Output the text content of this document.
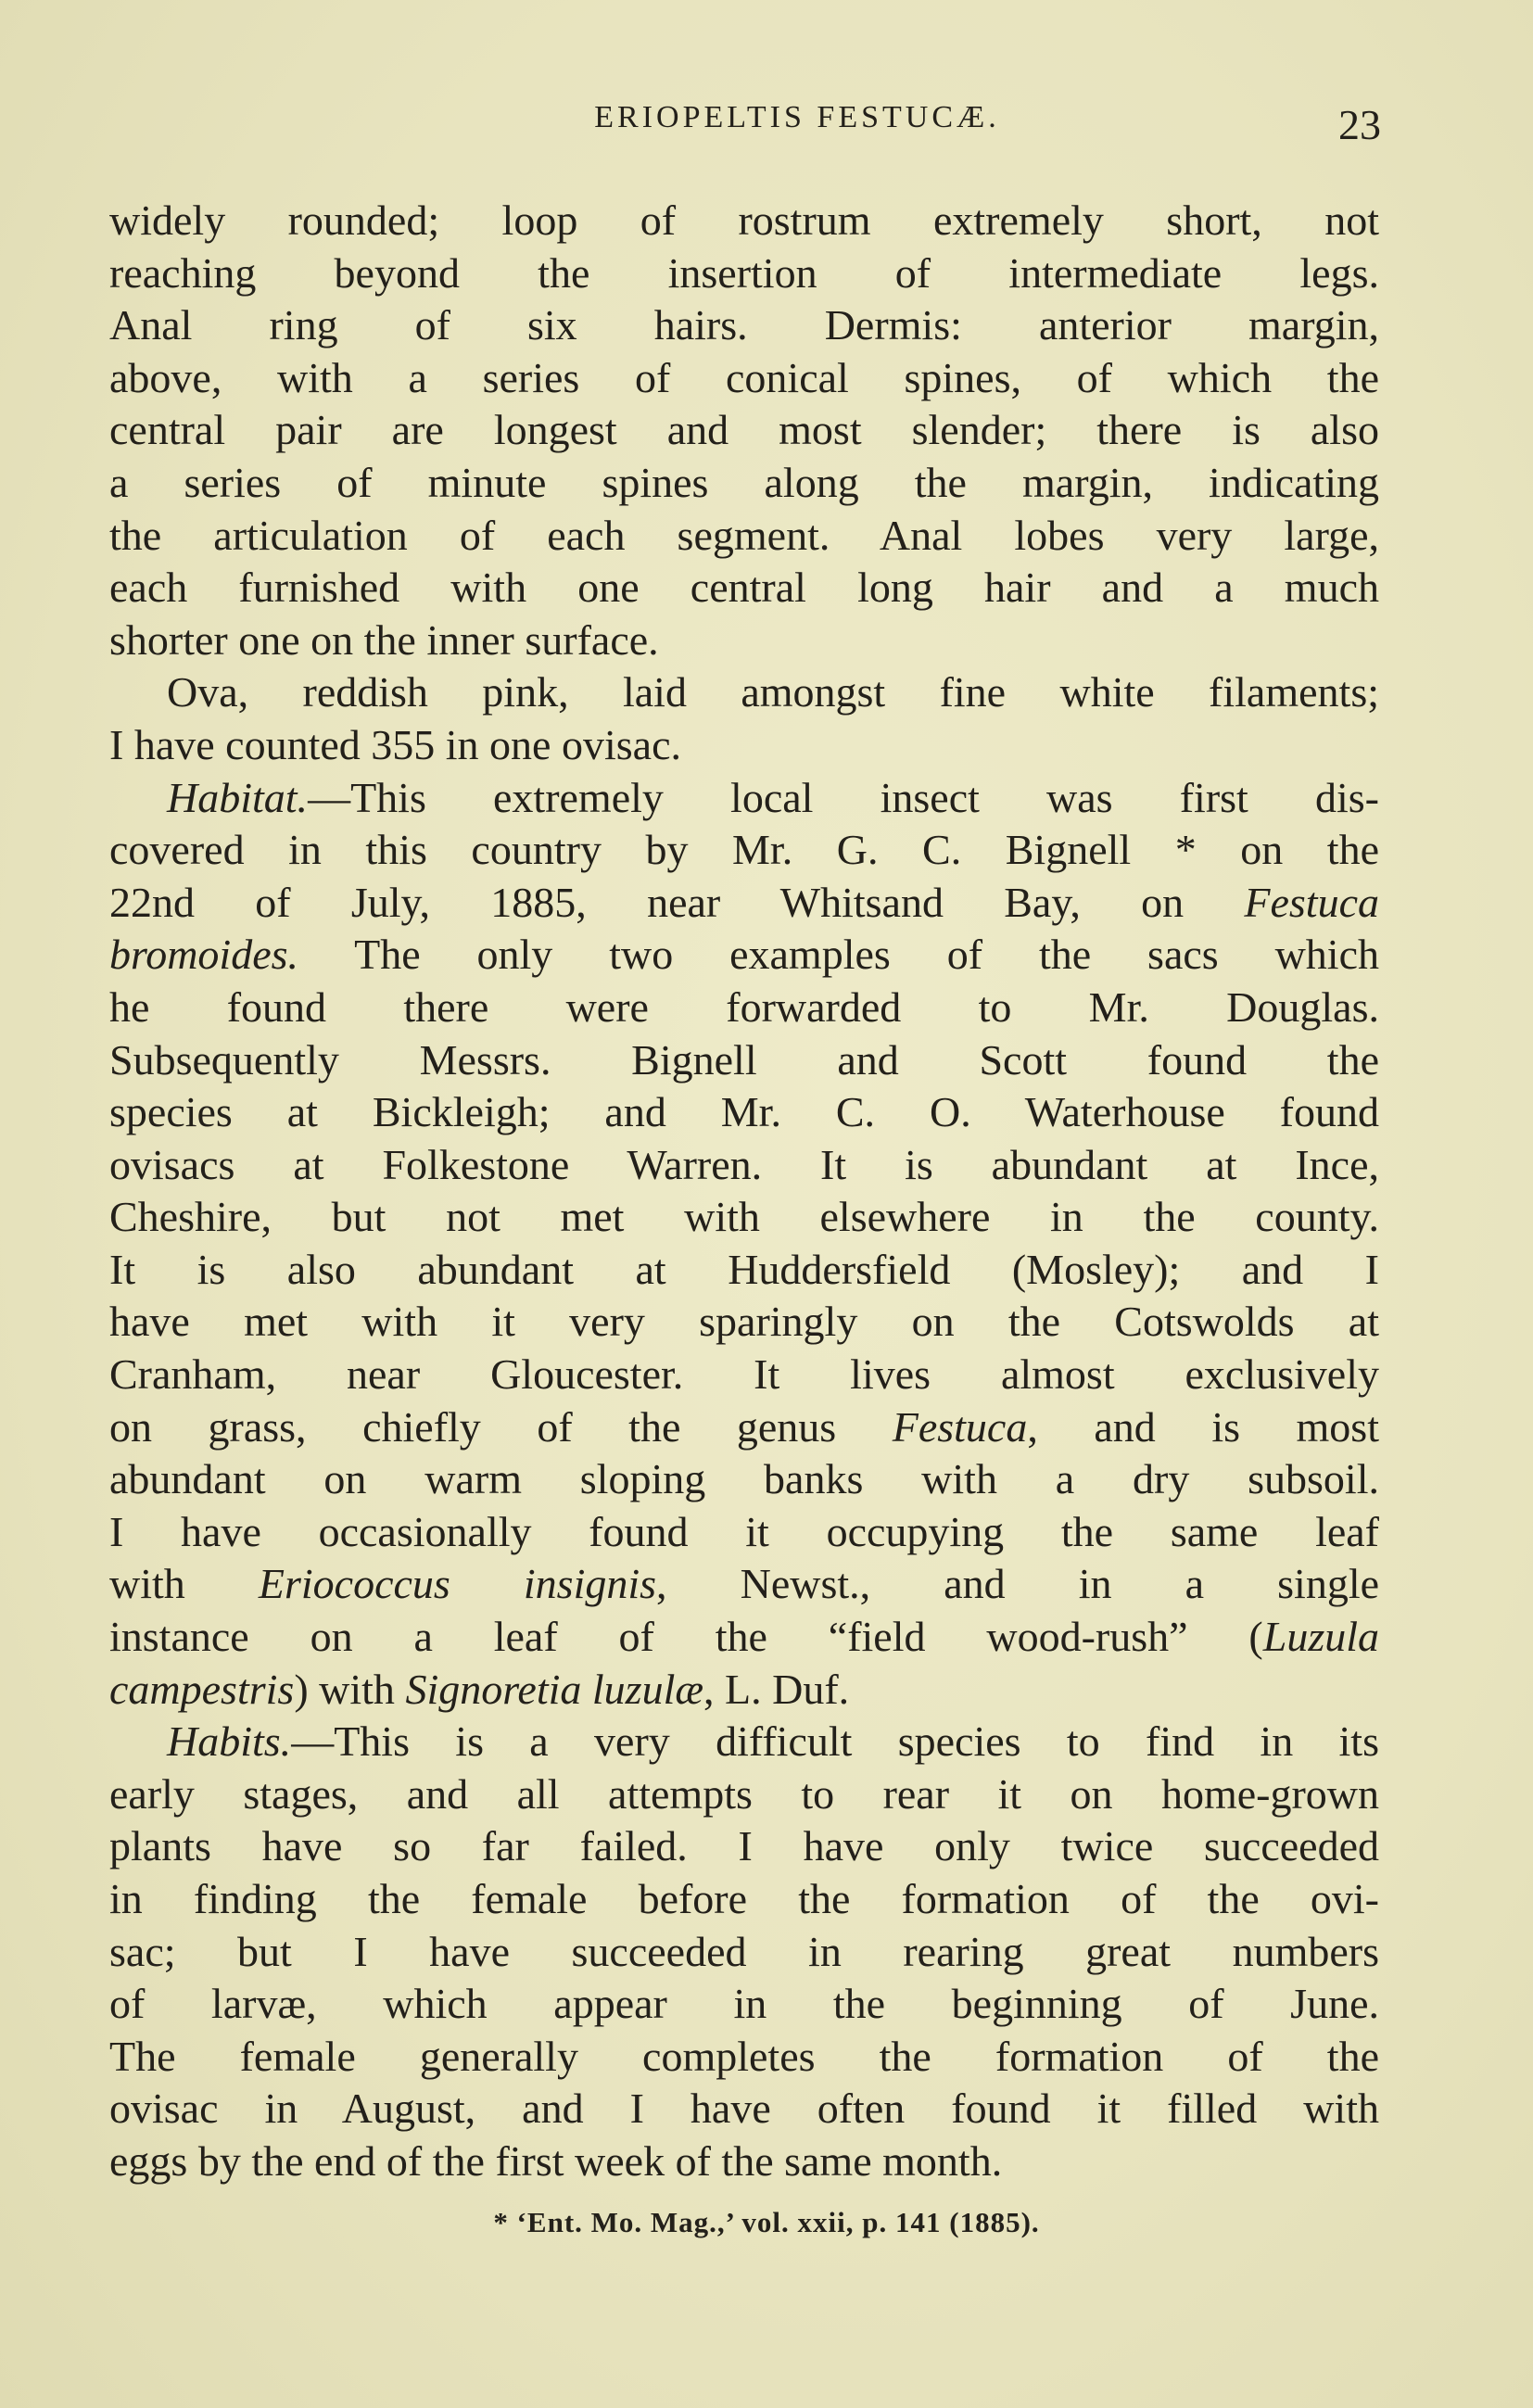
ERIOPELTIS FESTUCÆ.	23
widely rounded; loop of rostrum extremely short, not
reaching beyond the insertion of intermediate legs.
Anal ring of six hairs. Dermis: anterior margin,
above, with a series of conical spines, of which the
central pair are longest and most slender; there is also
a series of minute spines along the margin, indicating
the articulation of each segment. Anal lobes very large,
each furnished with one central long hair and a much
shorter one on the inner surface.
Ova, reddish pink, laid amongst fine white filaments;
I have counted 355 in one ovisac.
Habitat.—This extremely local insect was first dis-
covered in this country by Mr. G. C. Bignell * on the
22nd of July, 1885, near Whitsand Bay, on Festuca
bromoides. The only two examples of the sacs which
he found there were forwarded to Mr. Douglas.
Subsequently Messrs. Bignell and Scott found the
species at Bickleigh; and Mr. C. O. Waterhouse found
ovisacs at Folkestone Warren. It is abundant at Ince,
Cheshire, but not met with elsewhere in the county.
It is also abundant at Huddersfield (Mosley); and I
have met with it very sparingly on the Cotswolds at
Cranham, near Gloucester. It lives almost exclusively
on grass, chiefly of the genus Festuca, and is most
abundant on warm sloping banks with a dry subsoil.
I have occasionally found it occupying the same leaf
with Eriococcus insignis, Newst., and in a single
instance on a leaf of the “field wood-rush” (Luzula
campestris) with Signoretia luzulæ, L. Duf.
Habits.—This is a very difficult species to find in its
early stages, and all attempts to rear it on home-grown
plants have so far failed. I have only twice succeeded
in finding the female before the formation of the ovi-
sac; but I have succeeded in rearing great numbers
of larvæ, which appear in the beginning of June.
The female generally completes the formation of the
ovisac in August, and I have often found it filled with
eggs by the end of the first week of the same month.
* ‘Ent. Mo. Mag.,’ vol. xxii, p. 141 (1885).
